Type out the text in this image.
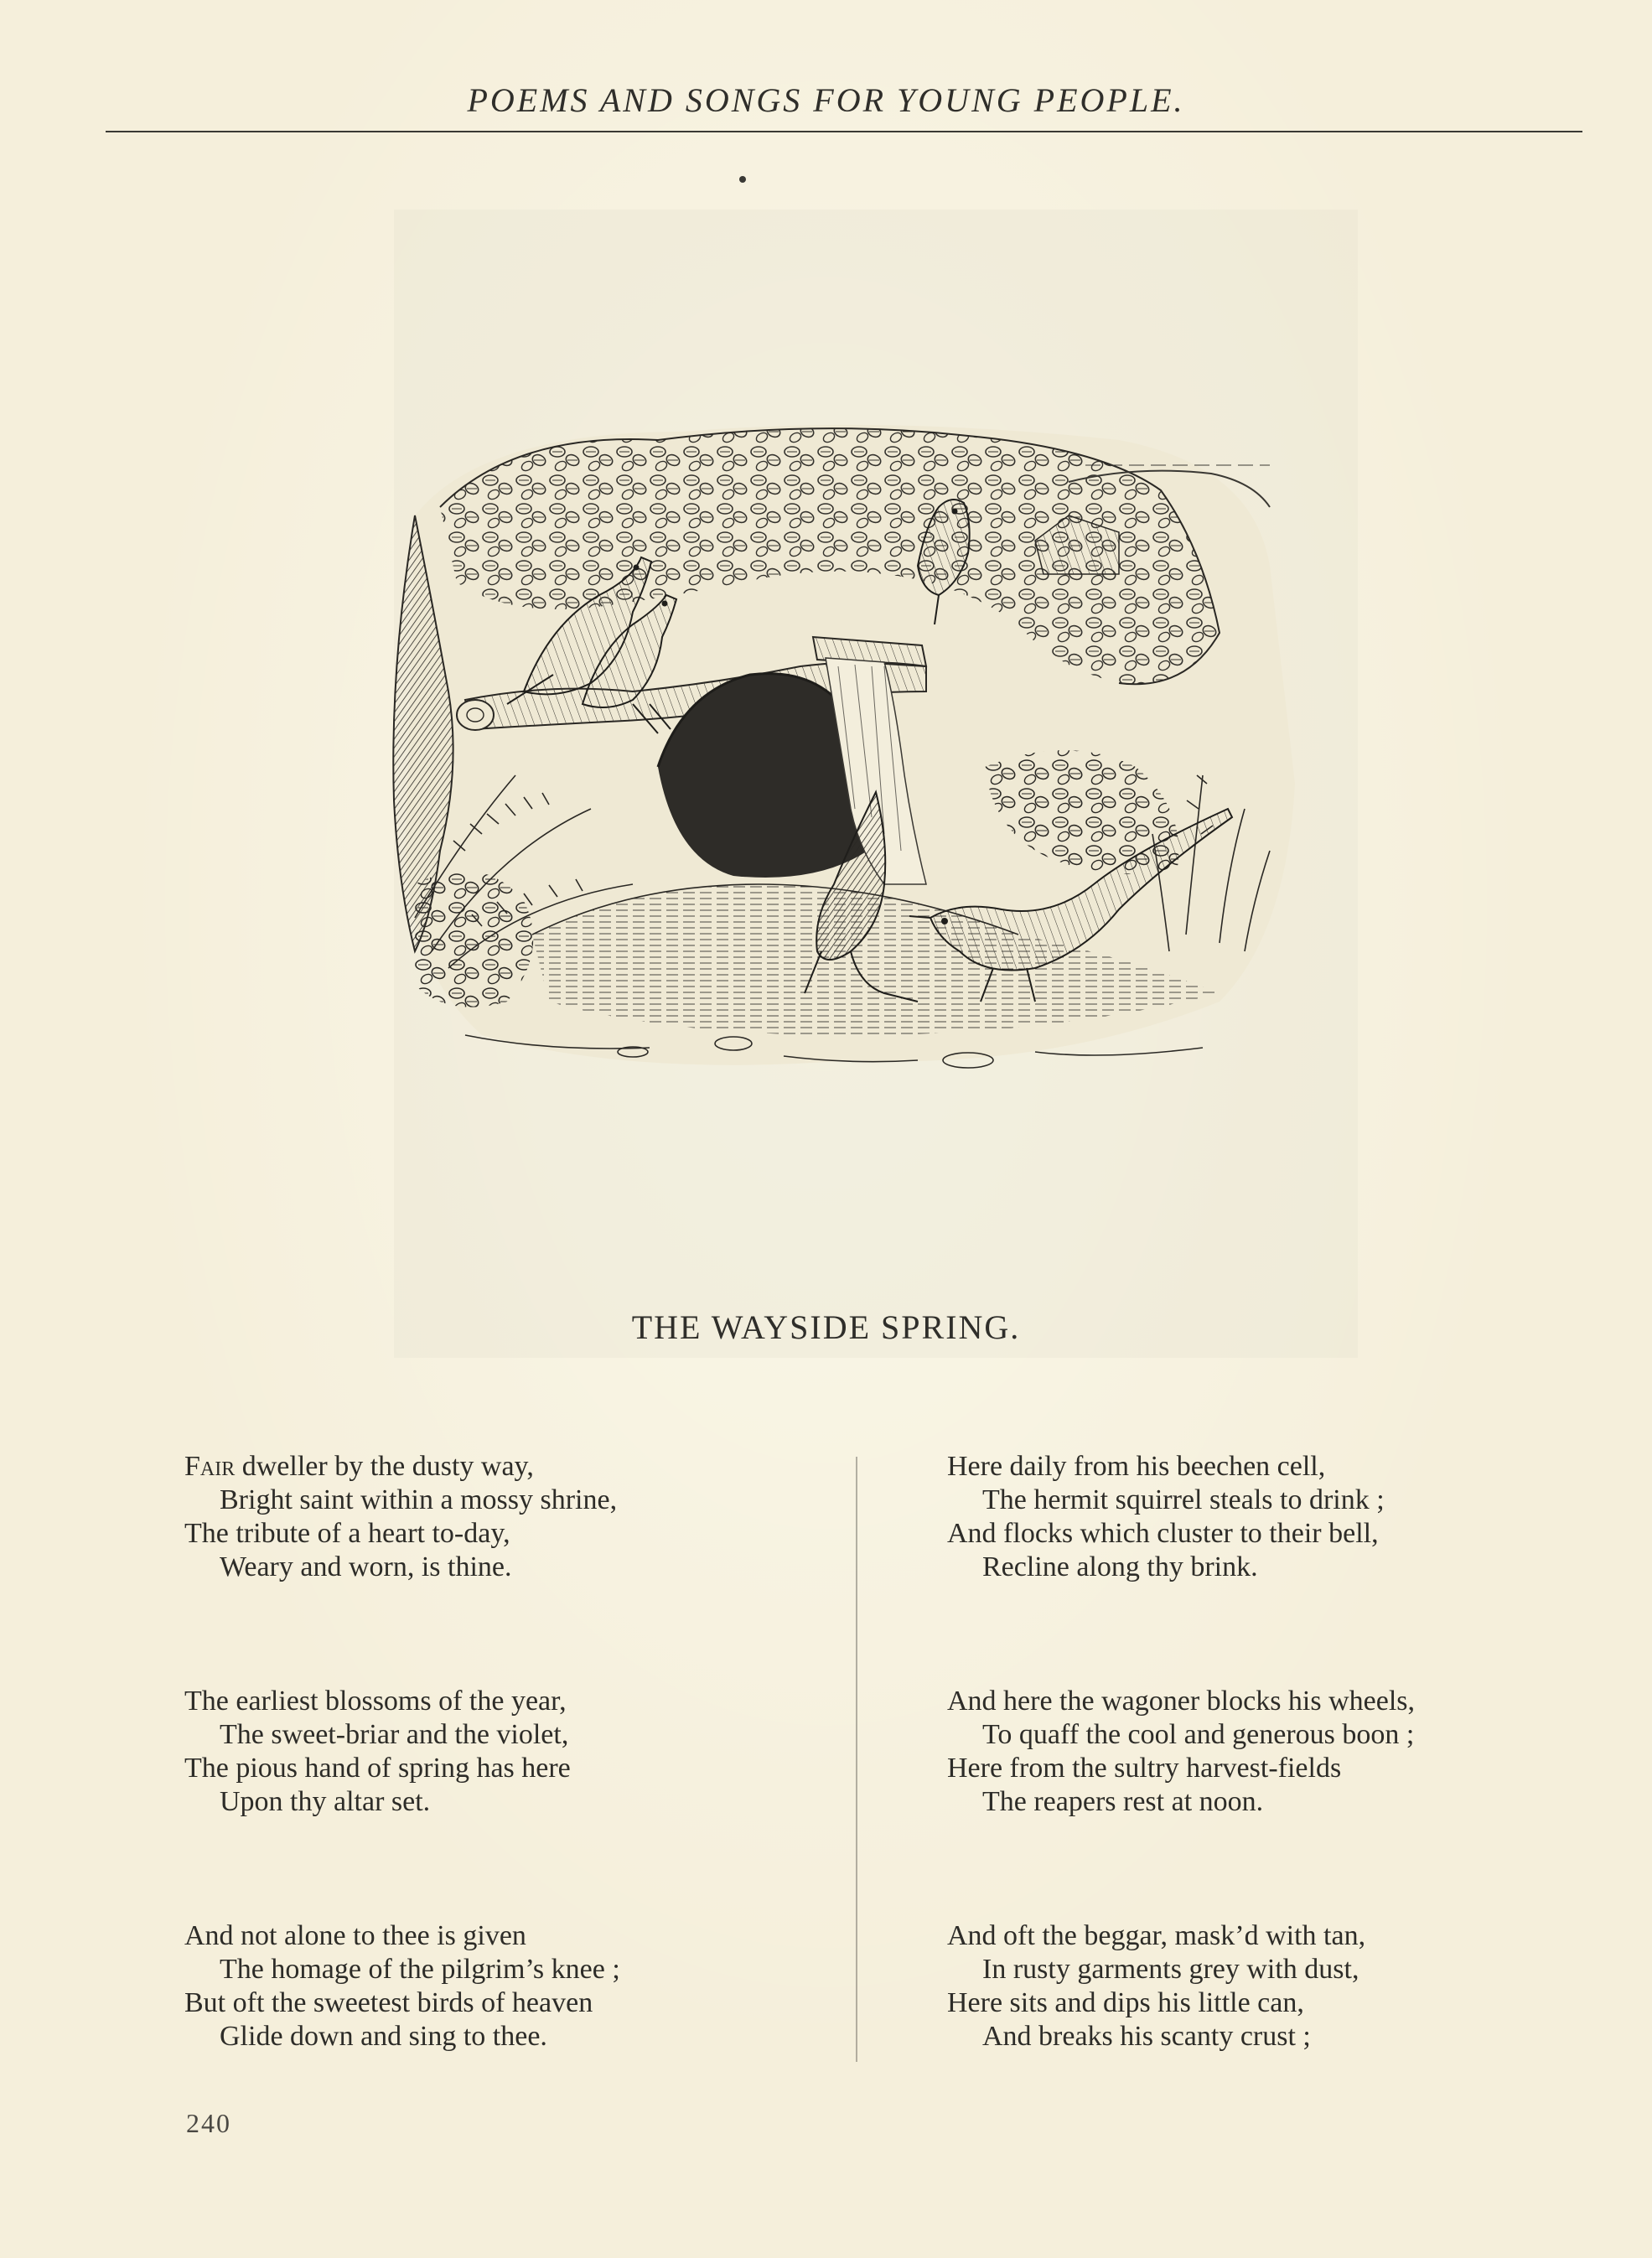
POEMS AND SONGS FOR YOUNG PEOPLE.
THE WAYSIDE SPRING.
Fair dweller by the dusty way,
Bright saint within a mossy shrine,
The tribute of a heart to-day,
Weary and worn, is thine.
The earliest blossoms of the year,
The sweet-briar and the violet,
The pious hand of spring has here
Upon thy altar set.
And not alone to thee is given
The homage of the pilgrim’s knee ;
But oft the sweetest birds of heaven
Glide down and sing to thee.
Here daily from his beechen cell,
The hermit squirrel steals to drink ;
And flocks which cluster to their bell,
Recline along thy brink.
And here the wagoner blocks his wheels,
To quaff the cool and generous boon ;
Here from the sultry harvest-fields
The reapers rest at noon.
And oft the beggar, mask’d with tan,
In rusty garments grey with dust,
Here sits and dips his little can,
And breaks his scanty crust ;
240
